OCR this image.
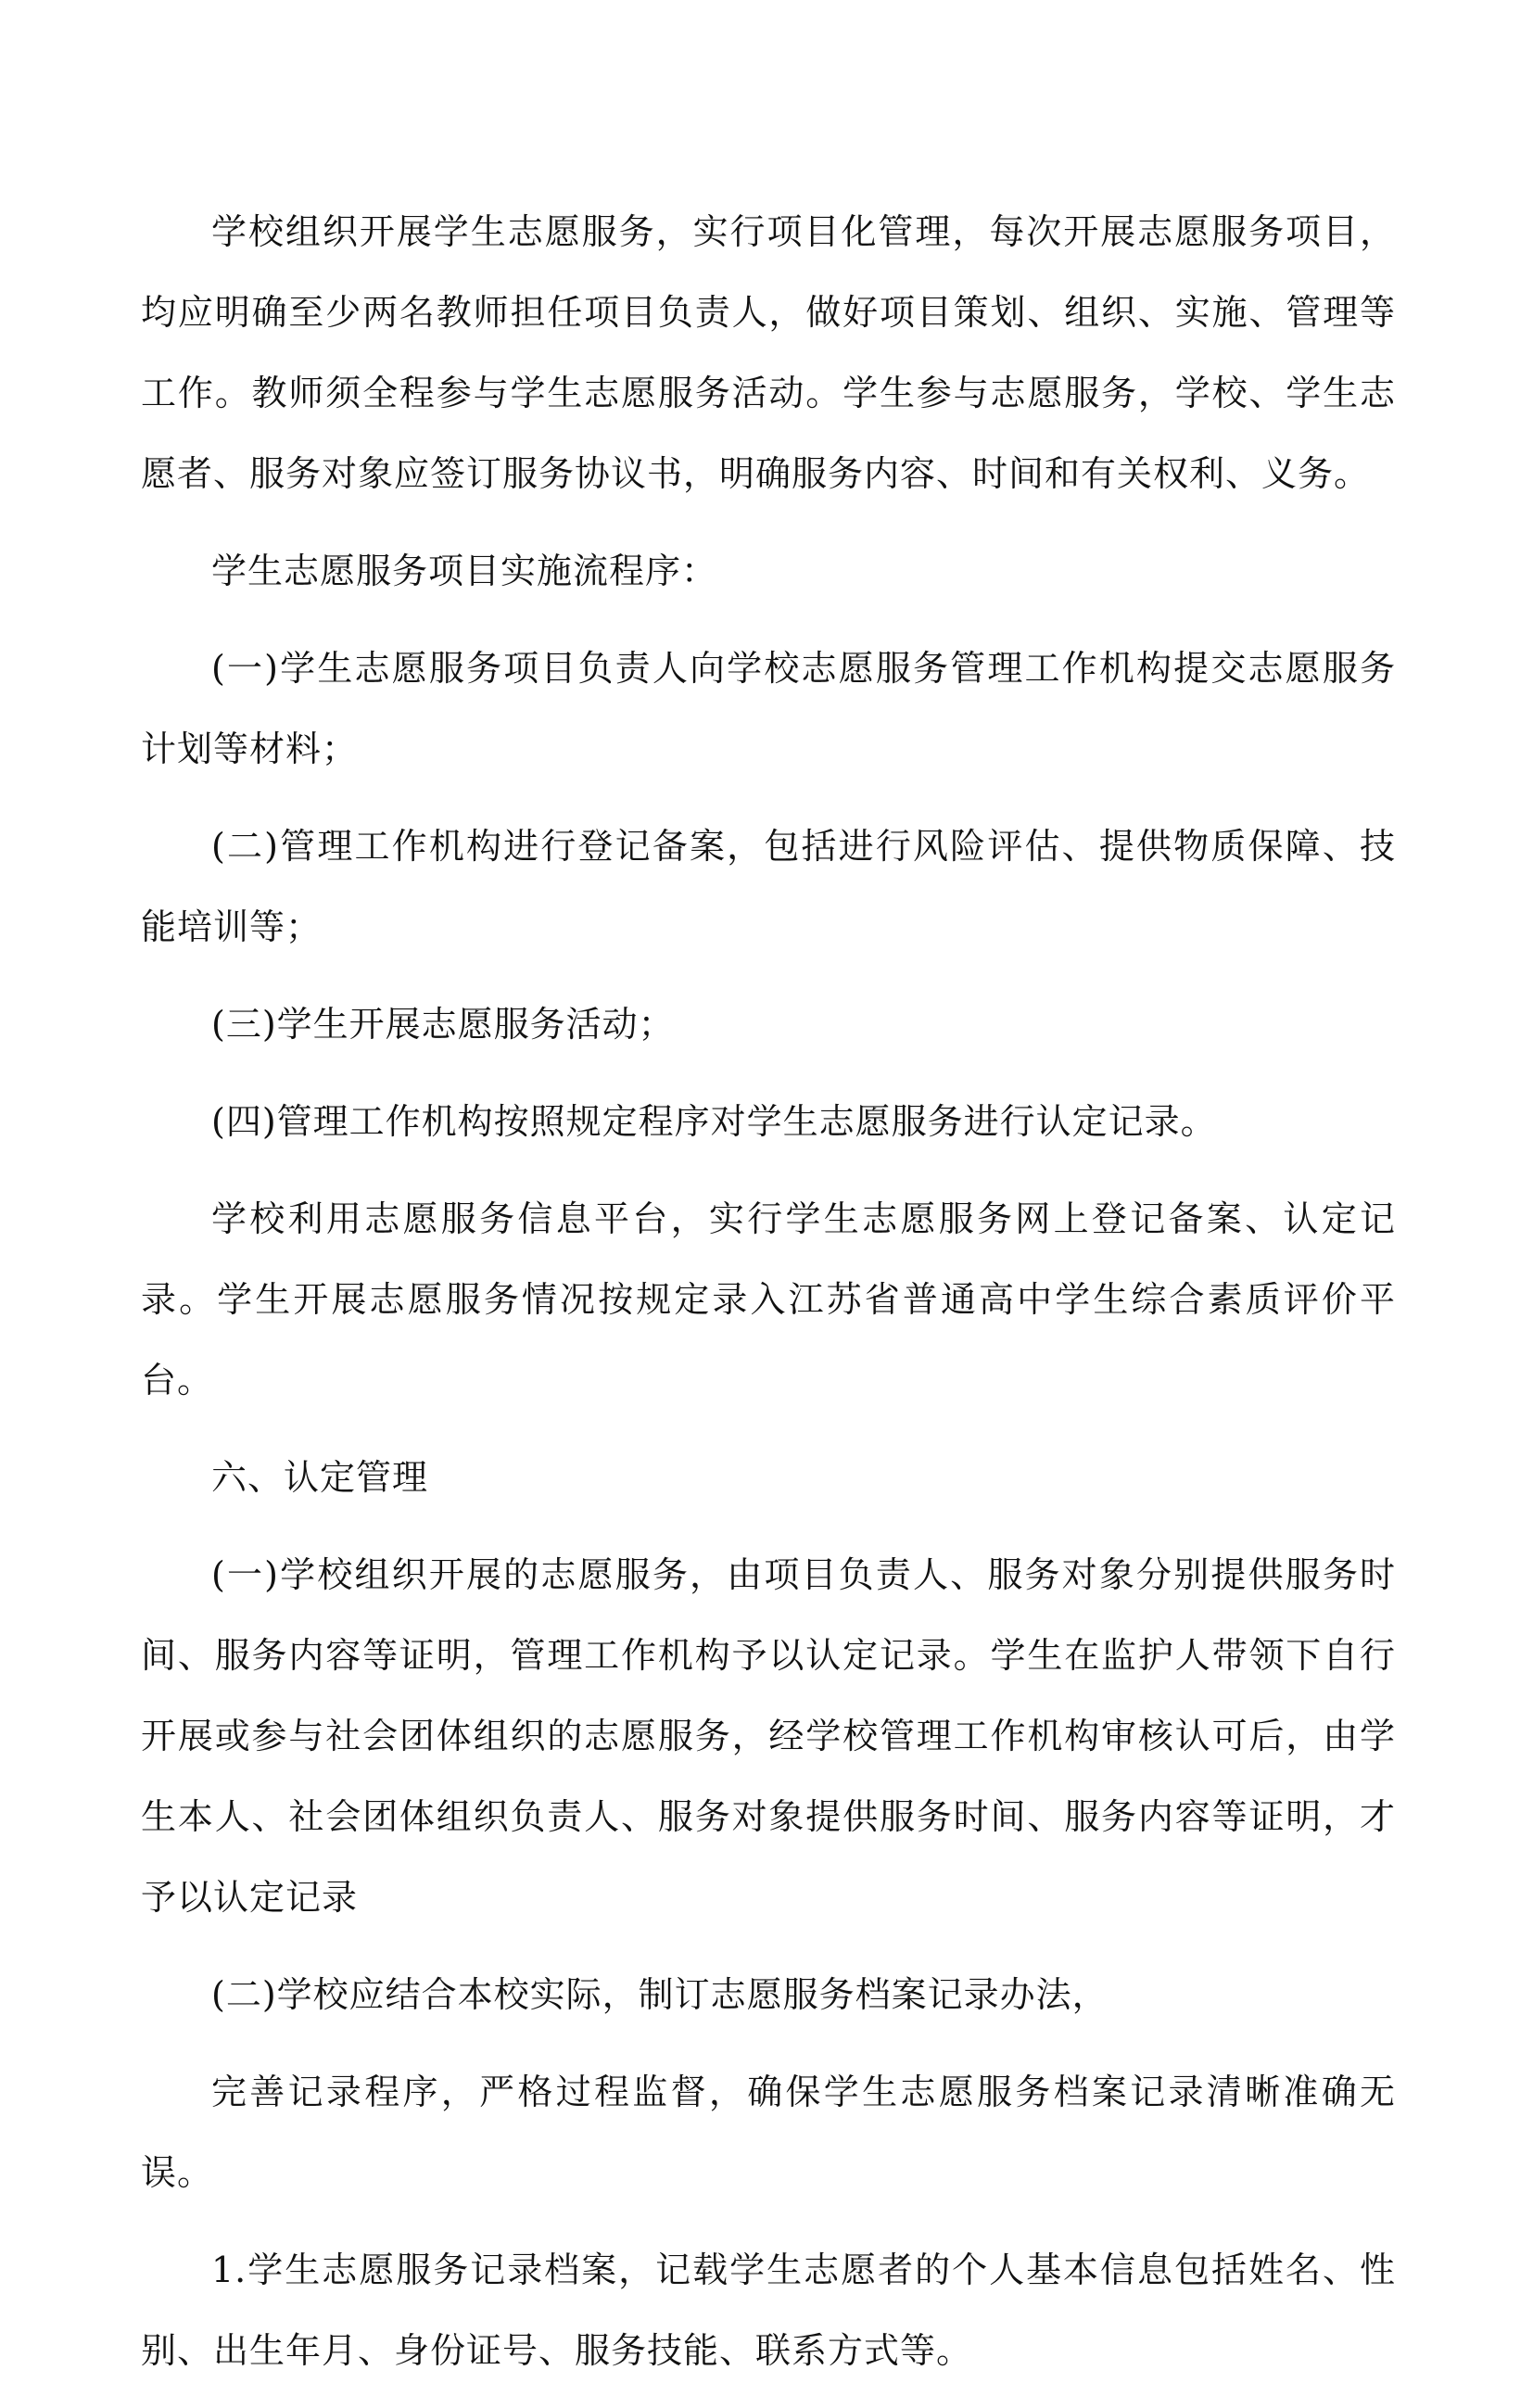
学校组织开展学生志愿服务，实行项目化管理，每次开展志愿服务项目，均应明确至少两名教师担任项目负责人，做好项目策划、组织、实施、管理等工作。教师须全程参与学生志愿服务活动。学生参与志愿服务，学校、学生志愿者、服务对象应签订服务协议书，明确服务内容、时间和有关权利、义务。

学生志愿服务项目实施流程序：

(一)学生志愿服务项目负责人向学校志愿服务管理工作机构提交志愿服务计划等材料；

(二)管理工作机构进行登记备案，包括进行风险评估、提供物质保障、技能培训等；

(三)学生开展志愿服务活动；

(四)管理工作机构按照规定程序对学生志愿服务进行认定记录。

学校利用志愿服务信息平台，实行学生志愿服务网上登记备案、认定记录。学生开展志愿服务情况按规定录入江苏省普通高中学生综合素质评价平台。

六、认定管理

(一)学校组织开展的志愿服务，由项目负责人、服务对象分别提供服务时间、服务内容等证明，管理工作机构予以认定记录。学生在监护人带领下自行开展或参与社会团体组织的志愿服务，经学校管理工作机构审核认可后，由学生本人、社会团体组织负责人、服务对象提供服务时间、服务内容等证明，才予以认定记录

(二)学校应结合本校实际，制订志愿服务档案记录办法，

完善记录程序，严格过程监督，确保学生志愿服务档案记录清晰准确无误。

1.学生志愿服务记录档案，记载学生志愿者的个人基本信息包括姓名、性别、出生年月、身份证号、服务技能、联系方式等。
